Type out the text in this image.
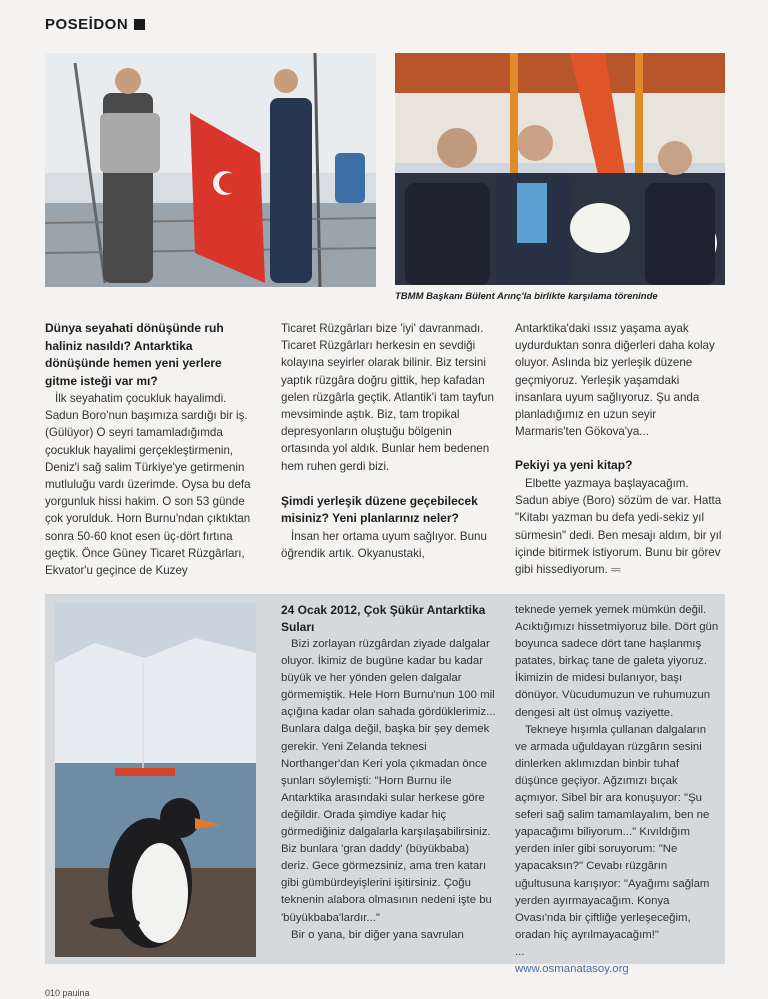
POSEİDON
TBMM Başkanı Bülent Arınç'la birlikte karşılama töreninde
Dünya seyahati dönüşünde ruh haliniz nasıldı? Antarktika dönüşünde hemen yeni yerlere gitme isteği var mı?

İlk seyahatim çocukluk hayalimdi. Sadun Boro'nun başımıza sardığı bir iş. (Gülüyor) O seyri tamamladığımda çocukluk hayalimi gerçekleştirmenin, Deniz'i sağ salim Türkiye'ye getirmenin mutluluğu vardı üzerimde. Oysa bu defa yorgunluk hissi hakim. O son 53 günde çok yorulduk. Horn Burnu'ndan çıktıktan sonra 50-60 knot esen üç-dört fırtına geçtik. Önce Güney Ticaret Rüzgârları, Ekvator'u geçince de Kuzey

Ticaret Rüzgârları bize 'iyi' davranmadı. Ticaret Rüzgârları herkesin en sevdiği kolayına seyirler olarak bilinir. Biz tersini yaptık rüzgâra doğru gittik, hep kafadan gelen rüzgârla geçtik. Atlantik'i tam tayfun mevsiminde aştık. Biz, tam tropikal depresyonların oluştuğu bölgenin ortasında yol aldık. Bunlar hem bedenen hem ruhen gerdi bizi.

Şimdi yerleşik düzene geçebilecek misiniz? Yeni planlarınız neler?

İnsan her ortama uyum sağlıyor. Bunu öğrendik artık. Okyanustaki,

Antarktika'daki ıssız yaşama ayak uydurduktan sonra diğerleri daha kolay oluyor. Aslında biz yerleşik düzene geçmiyoruz. Yerleşik yaşamdaki insanlara uyum sağlıyoruz. Şu anda planladığımız en uzun seyir Marmaris'ten Gökova'ya...

Pekiyi ya yeni kitap?

Elbette yazmaya başlayacağım. Sadun abiye (Boro) sözüm de var. Hatta "Kitabı yazman bu defa yedi-sekiz yıl sürmesin" dedi. Ben mesajı aldım, bir yıl içinde bitirmek istiyorum. Bunu bir görev gibi hissediyorum. ≈≈

24 Ocak 2012, Çok Şükür Antarktika Suları

Bizi zorlayan rüzgârdan ziyade dalgalar oluyor. İkimiz de bugüne kadar bu kadar büyük ve her yönden gelen dalgalar görmemiştik. Hele Horn Burnu'nun 100 mil açığına kadar olan sahada gördüklerimiz... Bunlara dalga değil, başka bir şey demek gerekir. Yeni Zelanda teknesi Northanger'dan Keri yola çıkmadan önce şunları söylemişti: "Horn Burnu ile Antarktika arasındaki sular herkese göre değildir. Orada şimdiye kadar hiç görmediğiniz dalgalarla karşılaşabilirsiniz. Biz bunlara 'gran daddy' (büyükbaba) deriz. Gece görmezsiniz, ama tren katarı gibi gümbürdeyişlerini işitirsiniz. Çoğu teknenin alabora olmasının nedeni işte bu 'büyükbaba'lardır..."

Bir o yana, bir diğer yana savrulan

teknede yemek yemek mümkün değil. Acıktığımızı hissetmiyoruz bile. Dört gün boyunca sadece dört tane haşlanmış patates, birkaç tane de galeta yiyoruz. İkimizin de midesi bulanıyor, başı dönüyor. Vücudumuzun ve ruhumuzun dengesi alt üst olmuş vaziyette.

Tekneye hışımla çullanan dalgaların ve armada uğuldayan rüzgârın sesini dinlerken aklımızdan binbir tuhaf düşünce geçiyor. Ağzımızı bıçak açmıyor. Sibel bir ara konuşuyor: "Şu seferi sağ salim tamamlayalım, ben ne yapacağımı biliyorum..." Kıvıldığım yerden inler gibi soruyorum: "Ne yapacaksın?" Cevabı rüzgârın uğultusuna karışıyor: "Ayağımı sağlam yerden ayırmayacağım. Konya Ovası'nda bir çiftliğe yerleşeceğim, oradan hiç ayrılmayacağım!"

...

www.osmanatasoy.org

010 pauina
